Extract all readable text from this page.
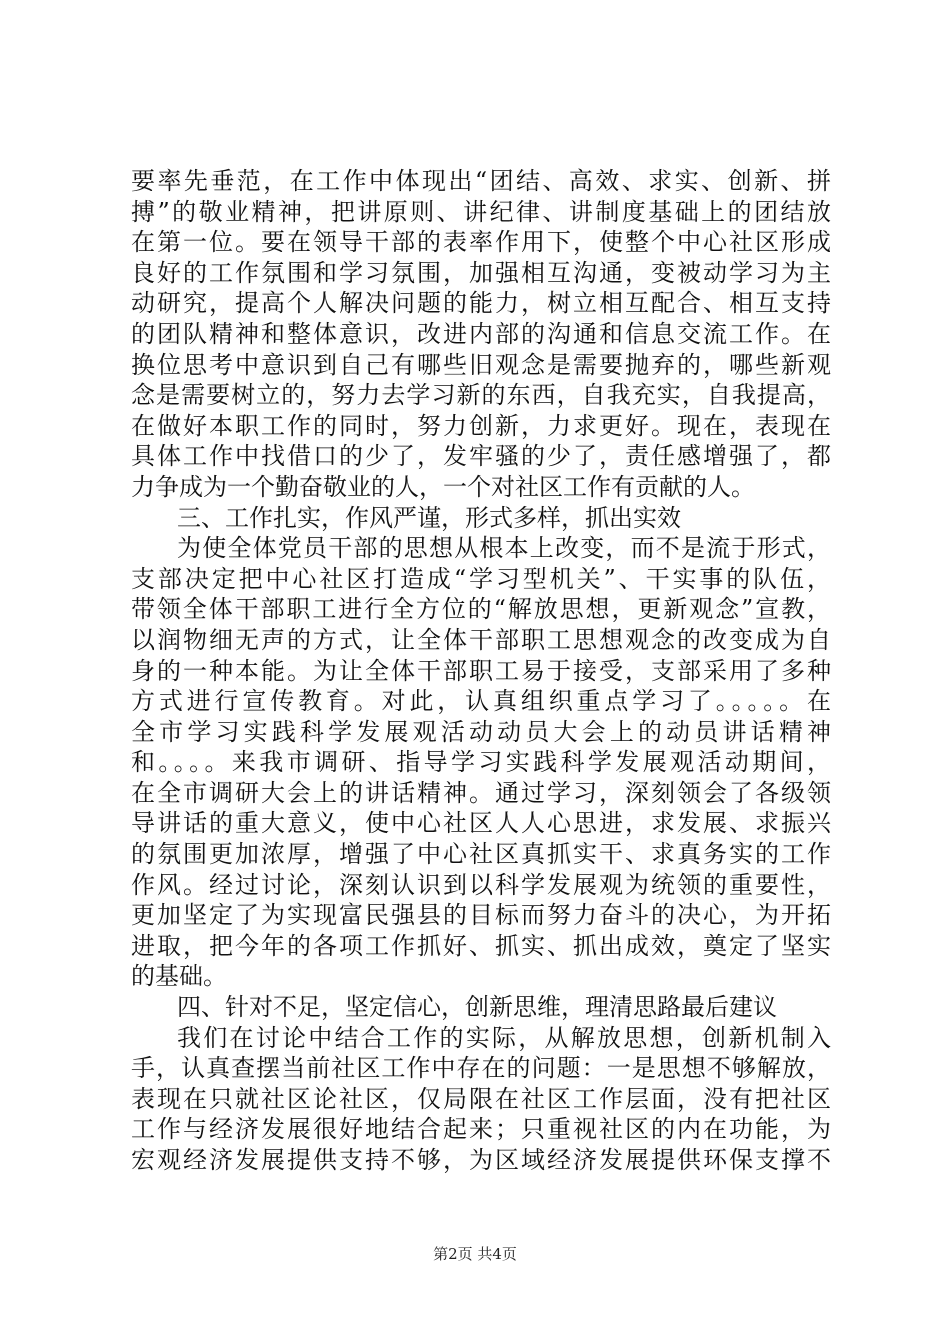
要率先垂范，在工作中体现出“团结、高效、求实、创新、拼
搏”的敬业精神，把讲原则、讲纪律、讲制度基础上的团结放
在第一位。要在领导干部的表率作用下，使整个中心社区形成
良好的工作氛围和学习氛围，加强相互沟通，变被动学习为主
动研究，提高个人解决问题的能力，树立相互配合、相互支持
的团队精神和整体意识，改进内部的沟通和信息交流工作。在
换位思考中意识到自己有哪些旧观念是需要抛弃的，哪些新观
念是需要树立的，努力去学习新的东西，自我充实，自我提高，
在做好本职工作的同时，努力创新，力求更好。现在，表现在
具体工作中找借口的少了，发牢骚的少了，责任感增强了，都
力争成为一个勤奋敬业的人，一个对社区工作有贡献的人。
三、工作扎实，作风严谨，形式多样，抓出实效
为使全体党员干部的思想从根本上改变，而不是流于形式，
支部决定把中心社区打造成“学习型机关”、干实事的队伍，
带领全体干部职工进行全方位的“解放思想，更新观念”宣教，
以润物细无声的方式，让全体干部职工思想观念的改变成为自
身的一种本能。为让全体干部职工易于接受，支部采用了多种
方式进行宣传教育。对此，认真组织重点学习了。。。。。在
全市学习实践科学发展观活动动员大会上的动员讲话精神
和。。。。来我市调研、指导学习实践科学发展观活动期间，
在全市调研大会上的讲话精神。通过学习，深刻领会了各级领
导讲话的重大意义，使中心社区人人心思进，求发展、求振兴
的氛围更加浓厚，增强了中心社区真抓实干、求真务实的工作
作风。经过讨论，深刻认识到以科学发展观为统领的重要性，
更加坚定了为实现富民强县的目标而努力奋斗的决心，为开拓
进取，把今年的各项工作抓好、抓实、抓出成效，奠定了坚实
的基础。
四、针对不足，坚定信心，创新思维，理清思路最后建议
我们在讨论中结合工作的实际，从解放思想，创新机制入
手，认真查摆当前社区工作中存在的问题：一是思想不够解放，
表现在只就社区论社区，仅局限在社区工作层面，没有把社区
工作与经济发展很好地结合起来；只重视社区的内在功能，为
宏观经济发展提供支持不够，为区域经济发展提供环保支撑不
第2页 共4页
